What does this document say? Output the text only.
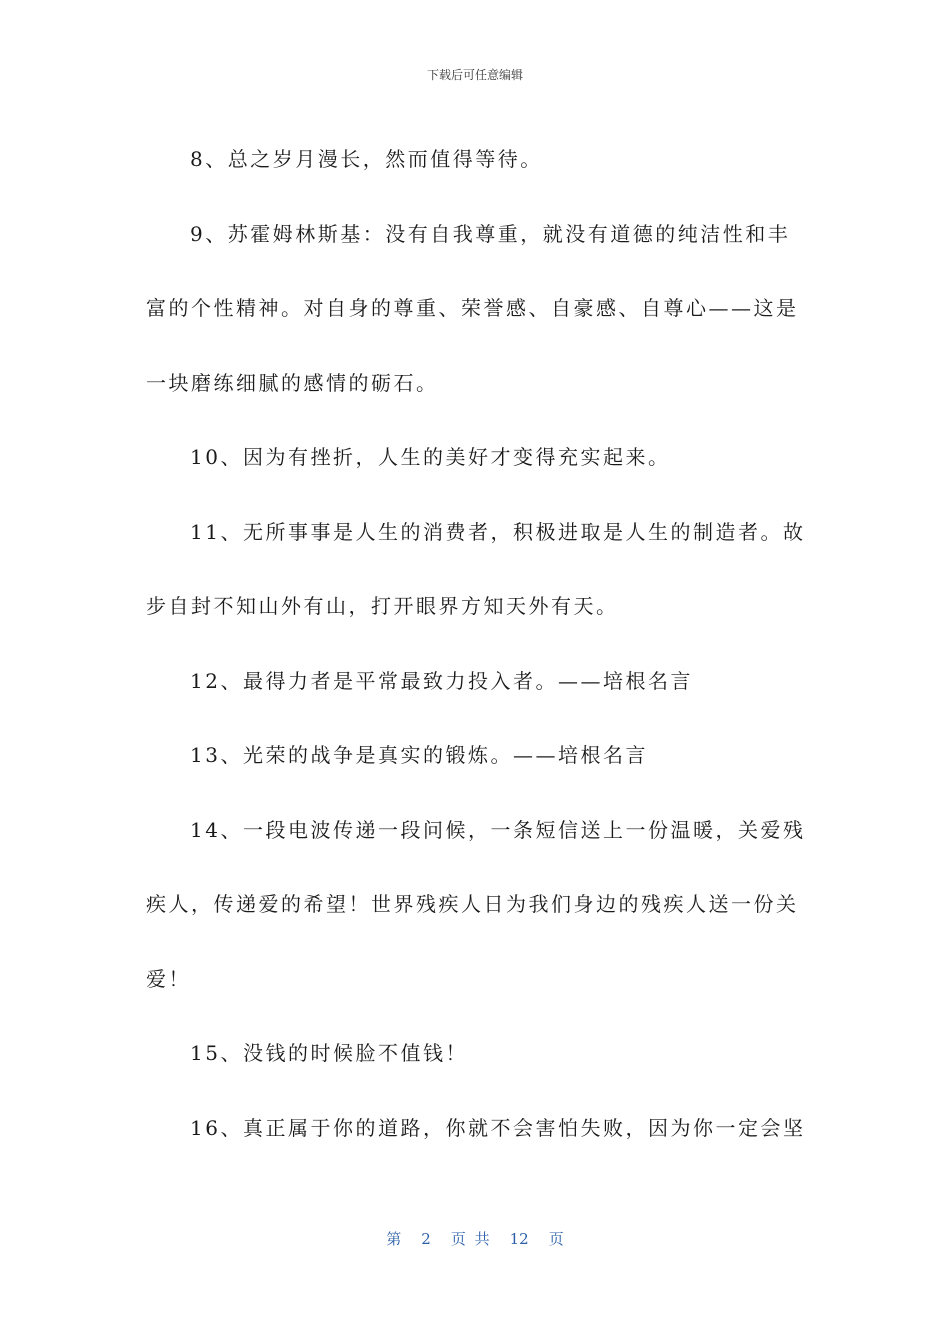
下载后可任意编辑

8、总之岁月漫长，然而值得等待。

9、苏霍姆林斯基：没有自我尊重，就没有道德的纯洁性和丰富的个性精神。对自身的尊重、荣誉感、自豪感、自尊心——这是一块磨练细腻的感情的砺石。

10、因为有挫折，人生的美好才变得充实起来。

11、无所事事是人生的消费者，积极进取是人生的制造者。故步自封不知山外有山，打开眼界方知天外有天。

12、最得力者是平常最致力投入者。——培根名言

13、光荣的战争是真实的锻炼。——培根名言

14、一段电波传递一段问候，一条短信送上一份温暖，关爱残疾人，传递爱的希望！世界残疾人日为我们身边的残疾人送一份关爱！

15、没钱的时候脸不值钱！

16、真正属于你的道路，你就不会害怕失败，因为你一定会坚

第 2 页 共 12 页
